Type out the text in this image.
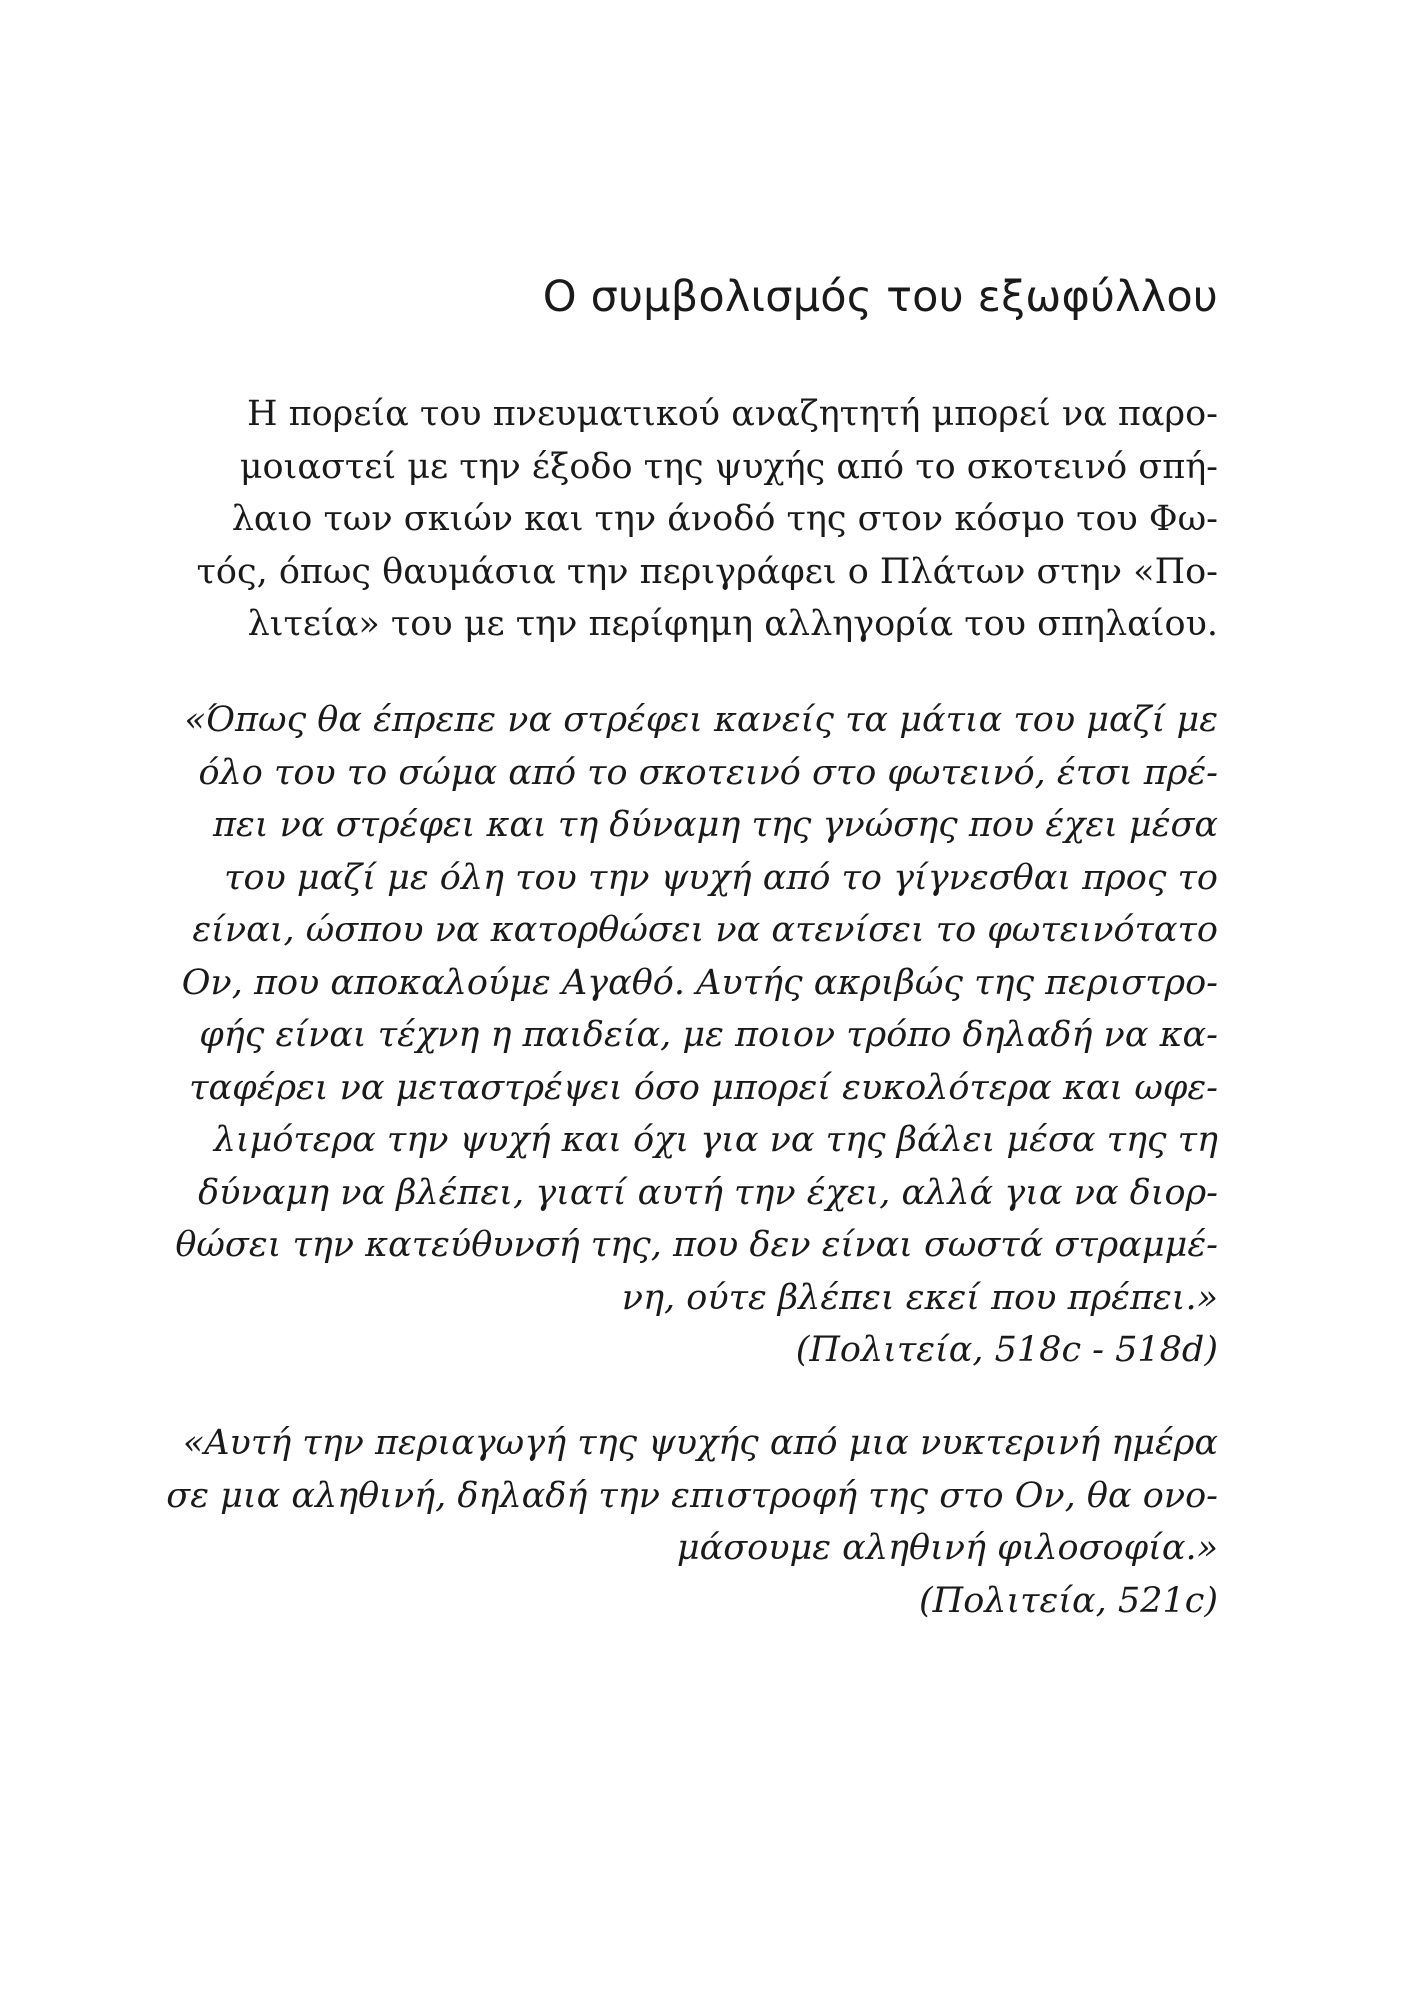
Ο συμβολισμός του εξωφύλλου
Η πορεία του πνευματικού αναζητητή μπορεί να παρο-
μοιαστεί με την έξοδο της ψυχής από το σκοτεινό σπή-
λαιο των σκιών και την άνοδό της στον κόσμο του Φω-
τός, όπως θαυμάσια την περιγράφει ο Πλάτων στην «Πο-
λιτεία» του με την περίφημη αλληγορία του σπηλαίου.
«Όπως θα έπρεπε να στρέφει κανείς τα μάτια του μαζί με
όλο του το σώμα από το σκοτεινό στο φωτεινό, έτσι πρέ-
πει να στρέφει και τη δύναμη της γνώσης που έχει μέσα
του μαζί με όλη του την ψυχή από το γίγνεσθαι προς το
είναι, ώσπου να κατορθώσει να ατενίσει το φωτεινότατο
Ον, που αποκαλούμε Αγαθό. Αυτής ακριβώς της περιστρο-
φής είναι τέχνη η παιδεία, με ποιον τρόπο δηλαδή να κα-
ταφέρει να μεταστρέψει όσο μπορεί ευκολότερα και ωφε-
λιμότερα την ψυχή και όχι για να της βάλει μέσα της τη
δύναμη να βλέπει, γιατί αυτή την έχει, αλλά για να διορ-
θώσει την κατεύθυνσή της, που δεν είναι σωστά στραμμέ-
νη, ούτε βλέπει εκεί που πρέπει.»
(Πολιτεία, 518c - 518d)
«Αυτή την περιαγωγή της ψυχής από μια νυκτερινή ημέρα
σε μια αληθινή, δηλαδή την επιστροφή της στο Ον, θα ονο-
μάσουμε αληθινή φιλοσοφία.»
(Πολιτεία, 521c)
